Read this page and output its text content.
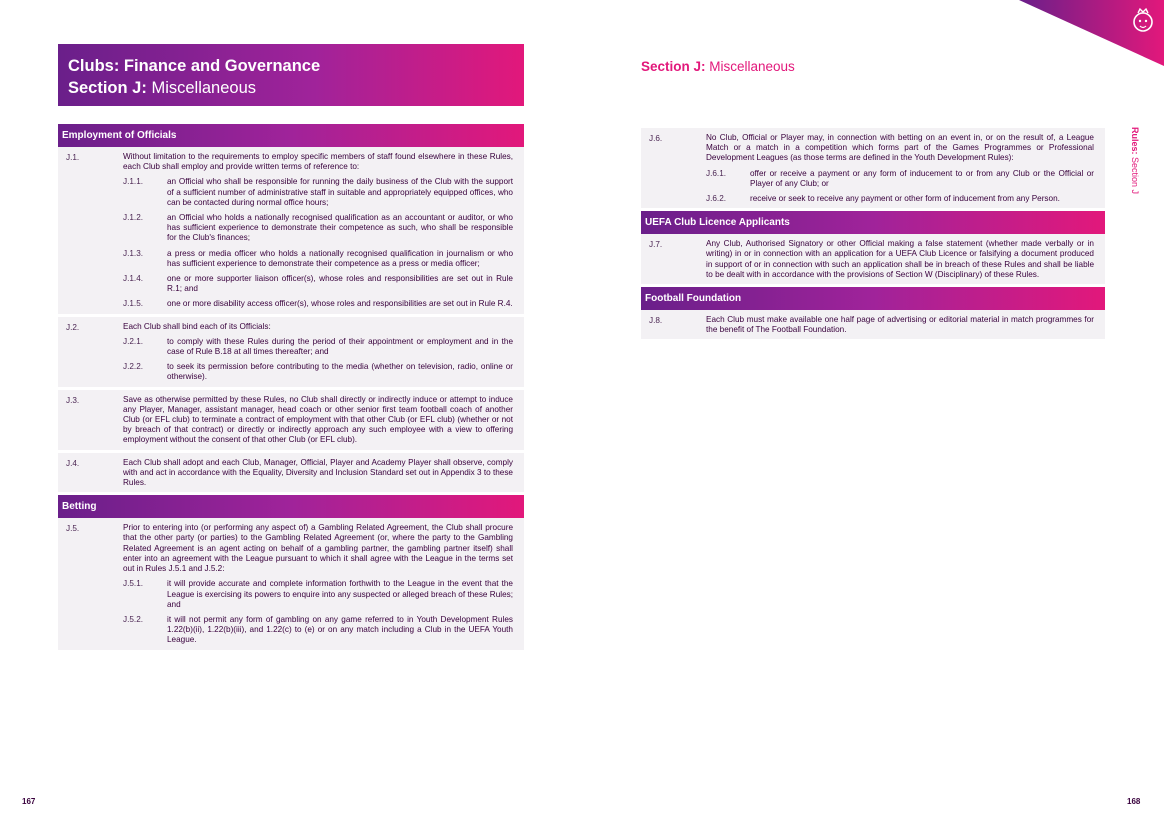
Clubs: Finance and Governance
Section J: Miscellaneous
Section J: Miscellaneous
Rules: Section J
Employment of Officials
J.1.	Without limitation to the requirements to employ specific members of staff found elsewhere in these Rules, each Club shall employ and provide written terms of reference to:
J.1.1.	an Official who shall be responsible for running the daily business of the Club with the support of a sufficient number of administrative staff in suitable and appropriately equipped offices, who can be contacted during normal office hours;
J.1.2.	an Official who holds a nationally recognised qualification as an accountant or auditor, or who has sufficient experience to demonstrate their competence as such, who shall be responsible for the Club's finances;
J.1.3.	a press or media officer who holds a nationally recognised qualification in journalism or who has sufficient experience to demonstrate their competence as a press or media officer;
J.1.4.	one or more supporter liaison officer(s), whose roles and responsibilities are set out in Rule R.1; and
J.1.5.	one or more disability access officer(s), whose roles and responsibilities are set out in Rule R.4.
J.2.	Each Club shall bind each of its Officials:
J.2.1.	to comply with these Rules during the period of their appointment or employment and in the case of Rule B.18 at all times thereafter; and
J.2.2.	to seek its permission before contributing to the media (whether on television, radio, online or otherwise).
J.3.	Save as otherwise permitted by these Rules, no Club shall directly or indirectly induce or attempt to induce any Player, Manager, assistant manager, head coach or other senior first team football coach of another Club (or EFL club) to terminate a contract of employment with that other Club (or EFL club) (whether or not by breach of that contract) or directly or indirectly approach any such employee with a view to offering employment without the consent of that other Club (or EFL club).
J.4.	Each Club shall adopt and each Club, Manager, Official, Player and Academy Player shall observe, comply with and act in accordance with the Equality, Diversity and Inclusion Standard set out in Appendix 3 to these Rules.
Betting
J.5.	Prior to entering into (or performing any aspect of) a Gambling Related Agreement, the Club shall procure that the other party (or parties) to the Gambling Related Agreement (or, where the party to the Gambling Related Agreement is an agent acting on behalf of a gambling partner, the gambling partner itself) shall enter into an agreement with the League pursuant to which it shall agree with the League in the terms set out in Rules J.5.1 and J.5.2:
J.5.1.	it will provide accurate and complete information forthwith to the League in the event that the League is exercising its powers to enquire into any suspected or alleged breach of these Rules; and
J.5.2.	it will not permit any form of gambling on any game referred to in Youth Development Rules 1.22(b)(ii), 1.22(b)(iii), and 1.22(c) to (e) or on any match including a Club in the UEFA Youth League.
J.6.	No Club, Official or Player may, in connection with betting on an event in, or on the result of, a League Match or a match in a competition which forms part of the Games Programmes or Professional Development Leagues (as those terms are defined in the Youth Development Rules):
J.6.1.	offer or receive a payment or any form of inducement to or from any Club or the Official or Player of any Club; or
J.6.2.	receive or seek to receive any payment or other form of inducement from any Person.
UEFA Club Licence Applicants
J.7.	Any Club, Authorised Signatory or other Official making a false statement (whether made verbally or in writing) in or in connection with an application for a UEFA Club Licence or falsifying a document produced in support of or in connection with such an application shall be in breach of these Rules and shall be liable to be dealt with in accordance with the provisions of Section W (Disciplinary) of these Rules.
Football Foundation
J.8.	Each Club must make available one half page of advertising or editorial material in match programmes for the benefit of The Football Foundation.
167	168
